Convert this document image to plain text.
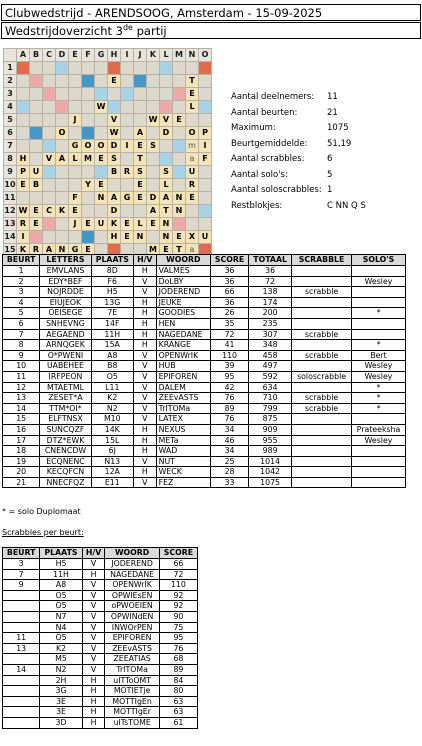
Clubwedstrijd - ARENDSOOG, Amsterdam - 15-09-2025
Wedstrijdoverzicht 3de partij
	A	B	C	D	E	F	G	H	I	J	K	L	M	N	O
1															
2								E						T	
3														E	
4							W							L	
5					J			V			W	V	E		
6				O				W		A		D		O	P
7					G	O	O	D	I	E	S			m	I
8	H		V	A	L	M	E	S		T				a	F
9	P	U						B	R	S		S		U	
10	E	B				Y	E			E		L		R	
11					F		N	A	G	E	D	A	N	E	
12	W	E	C	K	E			D			A	T	N		
13	R	E			J	E	U	K	E	L	E	N			
14	I							H	E	N		N	E	X	U
15	K	R	A	N	G	E					M	E	T	a	
Aantal deelnemers:	11
Aantal beurten:	21
Maximum:	1075
Beurtgemiddelde:	51,19
Aantal scrabbles:	6
Aantal solo's:	5
Aantal soloscrabbles: 1
Restblokjes:	C NN Q S
BEURT	LETTERS	PLAATS	H/V	WOORD	SCORE	TOTAAL	SCRABBLE	SOLO'S
1	EMVLANS	8D	H	VALMES	36	36		
2	EDY*BEF	F6	V	DoLBY	36	72		Wesley
3	NOJRDDE	H5	V	JODEREND	66	138	scrabble	
4	EIUJEOK	13G	H	JEUKE	36	174		
5	OEISEGE	7E	H	GOODIES	26	200		*
6	SNHEVNG	14F	H	HEN	35	235		
7	AEGAEND	11H	H	NAGEDANE	72	307	scrabble	
8	ARNQGEK	15A	H	KRANGE	41	348		*
9	O*PWENI	A8	V	OPENWrIK	110	458	scrabble	Bert
10	UABEHEE	B8	V	HUB	39	497		Wesley
11	IRFPEON	O5	V	EPIFOREN	95	592	soloscrabble	Wesley
12	MTAETML	L11	V	DALEM	42	634		*
13	ZESET*A	K2	V	ZEEvASTS	76	710	scrabble	*
14	TTM*OI*	N2	V	TrITOMa	89	799	scrabble	*
15	ELFTNSX	M10	V	LATEX	76	875		
16	SUNCQZF	14K	H	NEXUS	34	909		Prateeksha
17	DTZ*EWK	15L	H	METa	46	955		Wesley
18	CNENCDW	6J	H	WAD	34	989		
19	ECQNENC	N13	V	NUT	25	1014		
20	KECQFCN	12A	H	WECK	28	1042		
21	NNECFQZ	E11	V	FEZ	33	1075		
* = solo Duplomaat
Scrabbles per beurt:
BEURT	PLAATS	H/V	WOORD	SCORE
3	H5	V	JODEREND	66
7	11H	H	NAGEDANE	72
9	A8	V	OPENWrIK	110
	O5	V	OPWIEsEN	92
	O5	V	oPWOEIEN	92
	N7	V	OPWINdEN	90
	N4	V	INWOrPEN	75
11	O5	V	EPIFOREN	95
13	K2	V	ZEEvASTS	76
	M5	V	ZEEATIAS	68
14	N2	V	TrITOMa	89
	2H	H	uITToOMT	84
	3G	H	MOTIETje	80
	3E	H	MOTTIgEn	63
	3E	H	MOTTIgEr	63
	3D	H	uITsTOME	61
